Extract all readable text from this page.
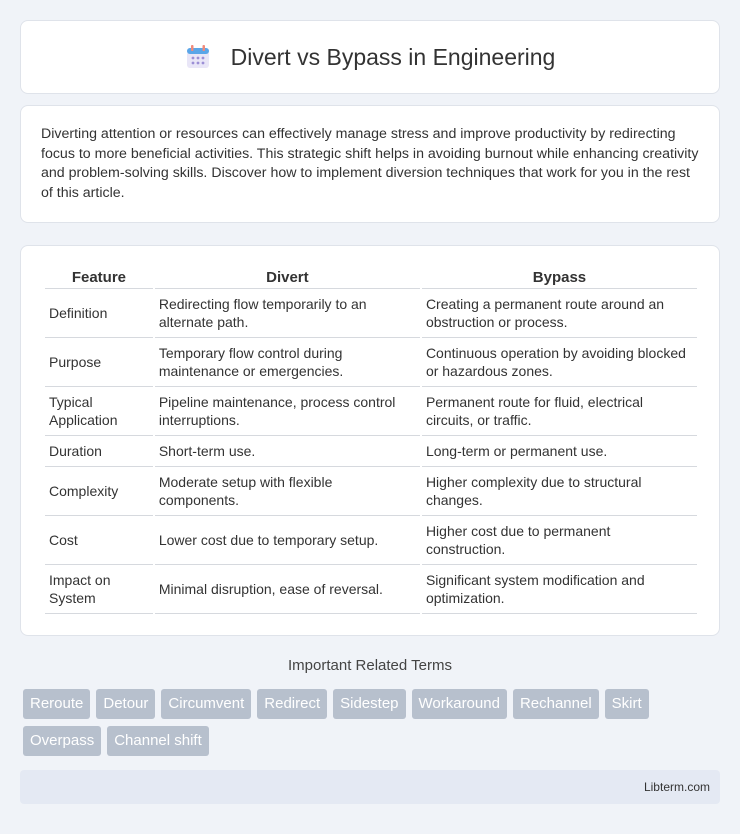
Divert vs Bypass in Engineering

Diverting attention or resources can effectively manage stress and improve productivity by redirecting focus to more beneficial activities. This strategic shift helps in avoiding burnout while enhancing creativity and problem-solving skills. Discover how to implement diversion techniques that work for you in the rest of this article.

Feature	Divert	Bypass
Definition	Redirecting flow temporarily to an alternate path.	Creating a permanent route around an obstruction or process.
Purpose	Temporary flow control during maintenance or emergencies.	Continuous operation by avoiding blocked or hazardous zones.
Typical Application	Pipeline maintenance, process control interruptions.	Permanent route for fluid, electrical circuits, or traffic.
Duration	Short-term use.	Long-term or permanent use.
Complexity	Moderate setup with flexible components.	Higher complexity due to structural changes.
Cost	Lower cost due to temporary setup.	Higher cost due to permanent construction.
Impact on System	Minimal disruption, ease of reversal.	Significant system modification and optimization.
Important Related Terms
Reroute Detour Circumvent Redirect Sidestep Workaround Rechannel SkirtOverpass Channel shift
Libterm.com
